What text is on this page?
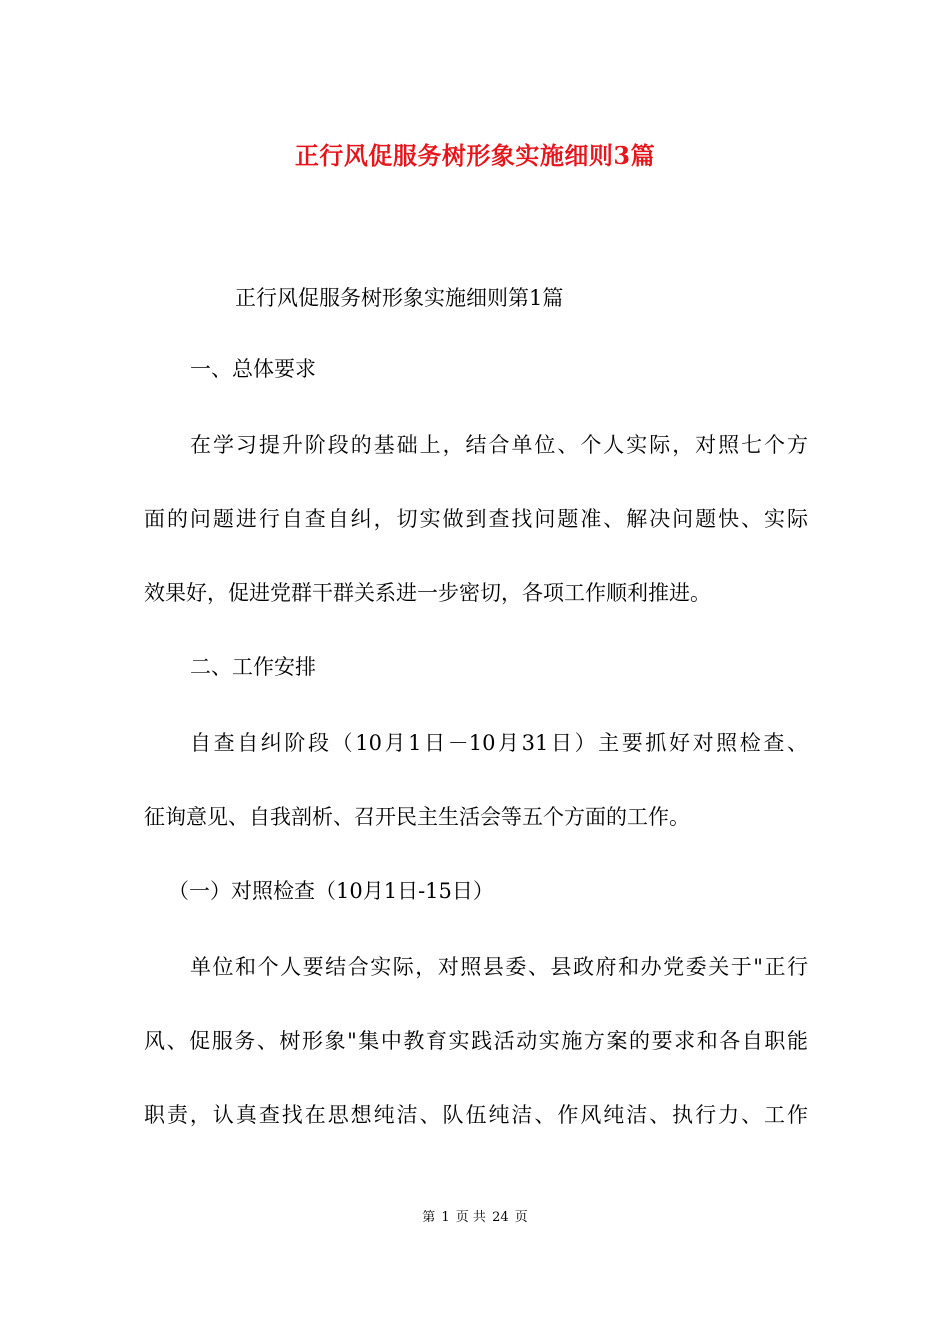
正行风促服务树形象实施细则3篇
正行风促服务树形象实施细则第1篇
一、总体要求
在学习提升阶段的基础上，结合单位、个人实际，对照七个方
面的问题进行自查自纠，切实做到查找问题准、解决问题快、实际
效果好，促进党群干群关系进一步密切，各项工作顺利推进。
二、工作安排
自查自纠阶段（10月1日－10月31日）主要抓好对照检查、
征询意见、自我剖析、召开民主生活会等五个方面的工作。
（一）对照检查（10月1日-15日）
单位和个人要结合实际，对照县委、县政府和办党委关于"正行
风、促服务、树形象"集中教育实践活动实施方案的要求和各自职能
职责，认真查找在思想纯洁、队伍纯洁、作风纯洁、执行力、工作
第 1 页 共 24 页
